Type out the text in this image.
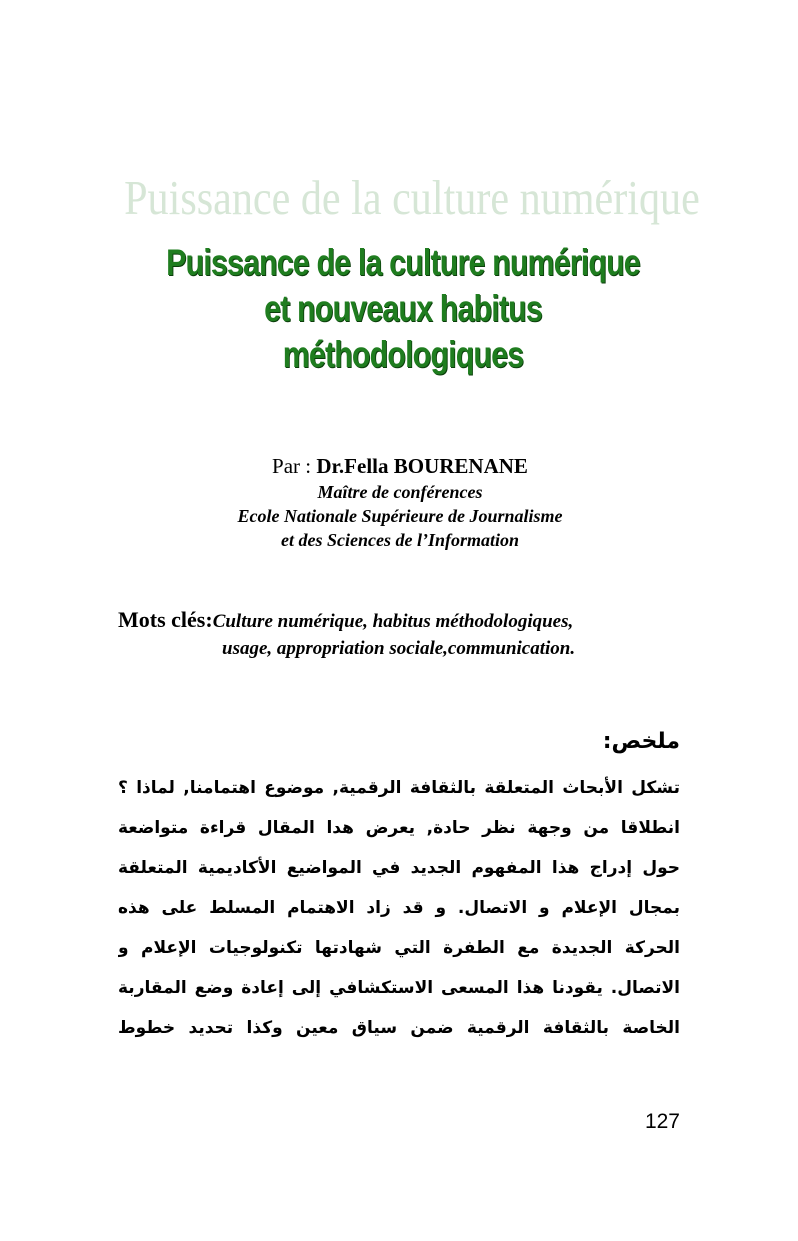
Puissance de la culture numérique
Puissance de la culture numérique
et nouveaux habitus
méthodologiques
Par : Dr.Fella BOURENANE
Maître de conférences
Ecole Nationale Supérieure de Journalisme
et des Sciences de l’Information
Mots clés:Culture numérique, habitus méthodologiques,
usage, appropriation sociale,communication.
ملخص:
تشكل الأبحاث المتعلقة بالثقافة الرقمية, موضوع اهتمامنا, لماذا ؟
انطلاقا من وجهة نظر حادة, يعرض هدا المقال قراءة متواضعة
حول إدراج هذا المفهوم الجديد في المواضيع الأكاديمية المتعلقة
بمجال الإعلام و الاتصال. و قد زاد الاهتمام المسلط على هذه
الحركة الجديدة مع الطفرة التي شهادتها تكنولوجيات الإعلام و
الاتصال. يقودنا هذا المسعى الاستكشافي إلى إعادة وضع المقاربة
الخاصة بالثقافة الرقمية ضمن سياق معين وكذا تحديد خطوط
127
